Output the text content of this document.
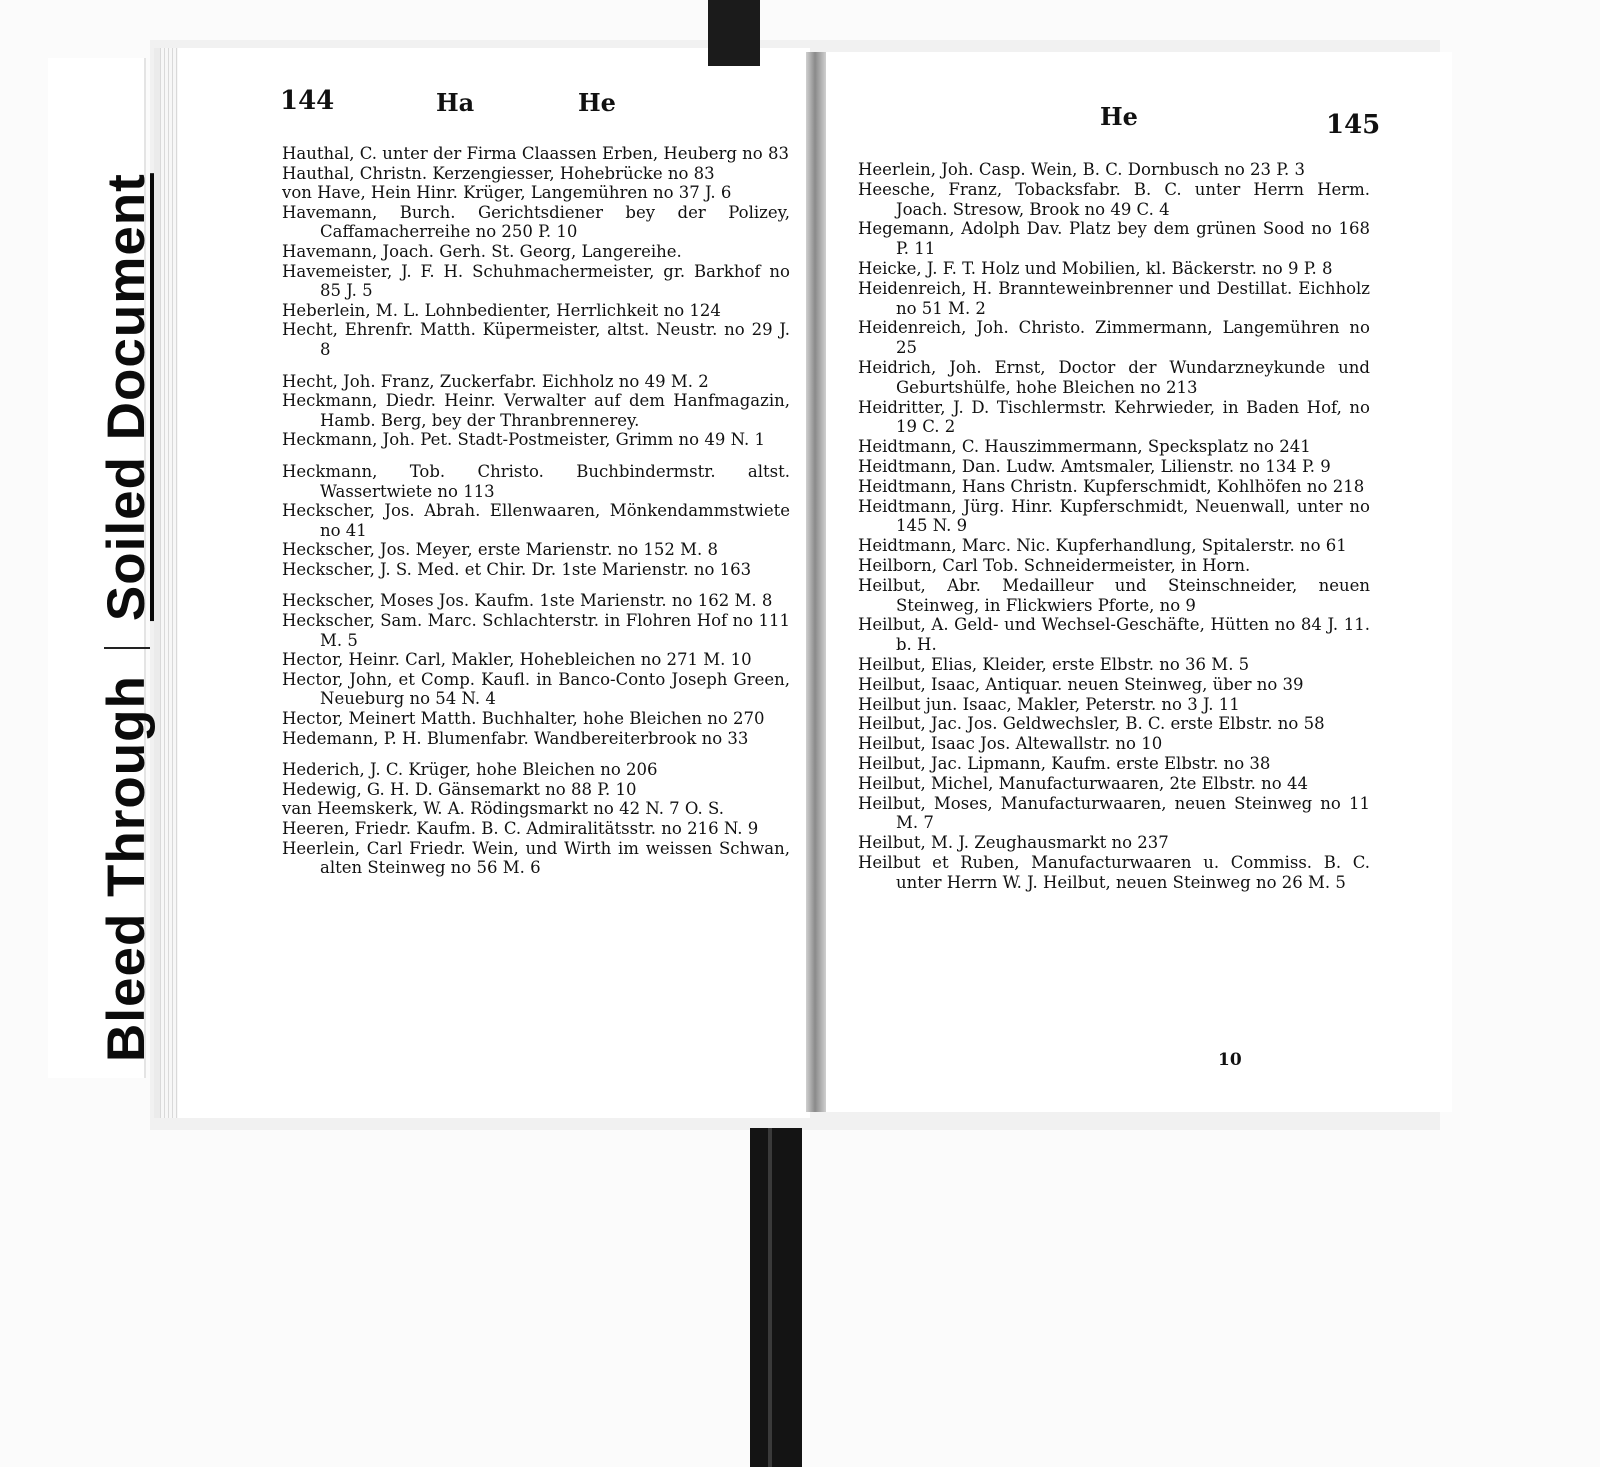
Bleed ThroughSoiled Document
144	Ha	He	He	145

Hauthal, C. unter der Firma Claassen Erben, Heuberg no 83

Hauthal, Christn. Kerzengiesser, Hohebrücke no 83

von Have, Hein Hinr. Krüger, Langemühren no 37 J. 6

Havemann, Burch. Gerichtsdiener bey der Polizey, Caffamacherreihe no 250 P. 10

Havemann, Joach. Gerh. St. Georg, Langereihe.

Havemeister, J. F. H. Schuhmachermeister, gr. Barkhof no 85 J. 5

Heberlein, M. L. Lohnbedienter, Herrlichkeit no 124

Hecht, Ehrenfr. Matth. Küpermeister, altst. Neustr. no 29 J. 8

Hecht, Joh. Franz, Zuckerfabr. Eichholz no 49 M. 2

Heckmann, Diedr. Heinr. Verwalter auf dem Hanfmagazin, Hamb. Berg, bey der Thranbrennerey.

Heckmann, Joh. Pet. Stadt-Postmeister, Grimm no 49 N. 1

Heckmann, Tob. Christo. Buchbindermstr. altst. Wassertwiete no 113

Heckscher, Jos. Abrah. Ellenwaaren, Mönkendammstwiete no 41

Heckscher, Jos. Meyer, erste Marienstr. no 152 M. 8

Heckscher, J. S. Med. et Chir. Dr. 1ste Marienstr. no 163

Heckscher, Moses Jos. Kaufm. 1ste Marienstr. no 162 M. 8

Heckscher, Sam. Marc. Schlachterstr. in Flohren Hof no 111 M. 5

Hector, Heinr. Carl, Makler, Hohebleichen no 271 M. 10

Hector, John, et Comp. Kaufl. in Banco-Conto Joseph Green, Neueburg no 54 N. 4

Hector, Meinert Matth. Buchhalter, hohe Bleichen no 270

Hedemann, P. H. Blumenfabr. Wandbereiterbrook no 33

Hederich, J. C. Krüger, hohe Bleichen no 206

Hedewig, G. H. D. Gänsemarkt no 88 P. 10

van Heemskerk, W. A. Rödingsmarkt no 42 N. 7 O. S.

Heeren, Friedr. Kaufm. B. C. Admiralitätsstr. no 216 N. 9

Heerlein, Carl Friedr. Wein, und Wirth im weissen Schwan, alten Steinweg no 56 M. 6

Heerlein, Joh. Casp. Wein, B. C. Dornbusch no 23 P. 3

Heesche, Franz, Tobacksfabr. B. C. unter Herrn Herm. Joach. Stresow, Brook no 49 C. 4

Hegemann, Adolph Dav. Platz bey dem grünen Sood no 168 P. 11

Heicke, J. F. T. Holz und Mobilien, kl. Bäckerstr. no 9 P. 8

Heidenreich, H. Brannteweinbrenner und Destillat. Eichholz no 51 M. 2

Heidenreich, Joh. Christo. Zimmermann, Langemühren no 25

Heidrich, Joh. Ernst, Doctor der Wundarzneykunde und Geburtshülfe, hohe Bleichen no 213

Heidritter, J. D. Tischlermstr. Kehrwieder, in Baden Hof, no 19 C. 2

Heidtmann, C. Hauszimmermann, Specksplatz no 241

Heidtmann, Dan. Ludw. Amtsmaler, Lilienstr. no 134 P. 9

Heidtmann, Hans Christn. Kupferschmidt, Kohlhöfen no 218

Heidtmann, Jürg. Hinr. Kupferschmidt, Neuenwall, unter no 145 N. 9

Heidtmann, Marc. Nic. Kupferhandlung, Spitalerstr. no 61

Heilborn, Carl Tob. Schneidermeister, in Horn.

Heilbut, Abr. Medailleur und Steinschneider, neuen Steinweg, in Flickwiers Pforte, no 9

Heilbut, A. Geld- und Wechsel-Geschäfte, Hütten no 84 J. 11. b. H.

Heilbut, Elias, Kleider, erste Elbstr. no 36 M. 5

Heilbut, Isaac, Antiquar. neuen Steinweg, über no 39

Heilbut jun. Isaac, Makler, Peterstr. no 3 J. 11

Heilbut, Jac. Jos. Geldwechsler, B. C. erste Elbstr. no 58

Heilbut, Isaac Jos. Altewallstr. no 10

Heilbut, Jac. Lipmann, Kaufm. erste Elbstr. no 38

Heilbut, Michel, Manufacturwaaren, 2te Elbstr. no 44

Heilbut, Moses, Manufacturwaaren, neuen Steinweg no 11 M. 7

Heilbut, M. J. Zeughausmarkt no 237

Heilbut et Ruben, Manufacturwaaren u. Commiss. B. C. unter Herrn W. J. Heilbut, neuen Steinweg no 26 M. 5

10
